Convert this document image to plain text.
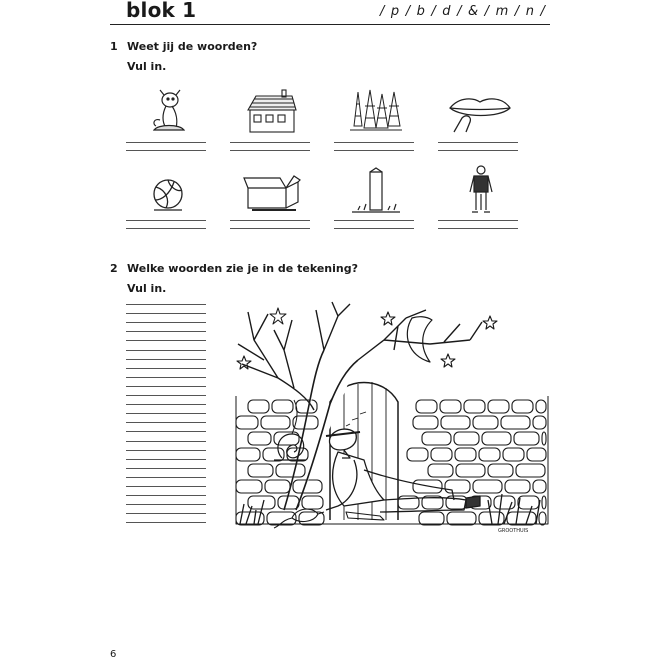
blok 1	/ p / b / d / & / m / n /
1 Weet jij de woorden?
Vul in.
2 Welke woorden zie je in de tekening?
Vul in.
GROOTHUIS
6
